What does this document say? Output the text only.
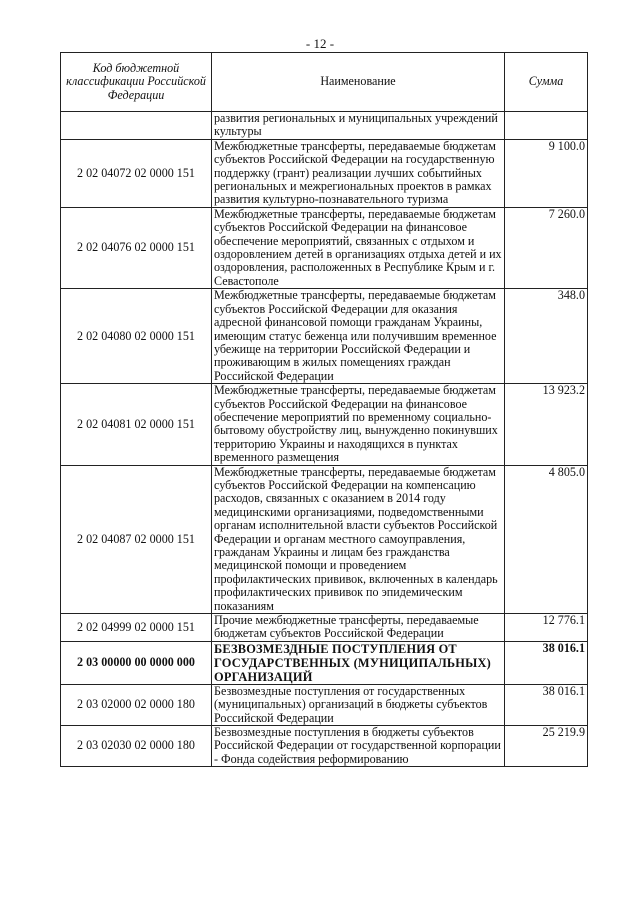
- 12 -
Код бюджетной классификации Российской Федерации	Наименование	Сумма
	развития региональных и муниципальных учреждений культуры	
2 02 04072 02 0000 151	Межбюджетные трансферты, передаваемые бюджетам субъектов Российской Федерации на государственную поддержку (грант) реализации лучших событийных региональных и межрегиональных проектов в рамках развития культурно-познавательного туризма	9 100.0
2 02 04076 02 0000 151	Межбюджетные трансферты, передаваемые бюджетам субъектов Российской Федерации на финансовое обеспечение мероприятий, связанных с отдыхом и оздоровлением детей в организациях отдыха детей и их оздоровления, расположенных в Республике Крым и г. Севастополе	7 260.0
2 02 04080 02 0000 151	Межбюджетные трансферты, передаваемые бюджетам субъектов Российской Федерации для оказания адресной финансовой помощи гражданам Украины, имеющим статус беженца или получившим временное убежище на территории Российской Федерации и проживающим в жилых помещениях граждан Российской Федерации	348.0
2 02 04081 02 0000 151	Межбюджетные трансферты, передаваемые бюджетам субъектов Российской Федерации на финансовое обеспечение мероприятий по временному социально-бытовому обустройству лиц, вынужденно покинувших территорию Украины и находящихся в пунктах временного размещения	13 923.2
2 02 04087 02 0000 151	Межбюджетные трансферты, передаваемые бюджетам субъектов Российской Федерации на компенсацию расходов, связанных с оказанием в 2014 году медицинскими организациями, подведомственными органам исполнительной власти субъектов Российской Федерации и органам местного самоуправления, гражданам Украины и лицам без гражданства медицинской помощи и проведением профилактических прививок, включенных в календарь профилактических прививок по эпидемическим показаниям	4 805.0
2 02 04999 02 0000 151	Прочие межбюджетные трансферты, передаваемые бюджетам субъектов Российской Федерации	12 776.1
2 03 00000 00 0000 000	БЕЗВОЗМЕЗДНЫЕ ПОСТУПЛЕНИЯ ОТ ГОСУДАРСТВЕННЫХ (МУНИЦИПАЛЬНЫХ) ОРГАНИЗАЦИЙ	38 016.1
2 03 02000 02 0000 180	Безвозмездные поступления от государственных (муниципальных) организаций в бюджеты субъектов Российской Федерации	38 016.1
2 03 02030 02 0000 180	Безвозмездные поступления в бюджеты субъектов Российской Федерации от государственной корпорации - Фонда содействия реформированию	25 219.9
